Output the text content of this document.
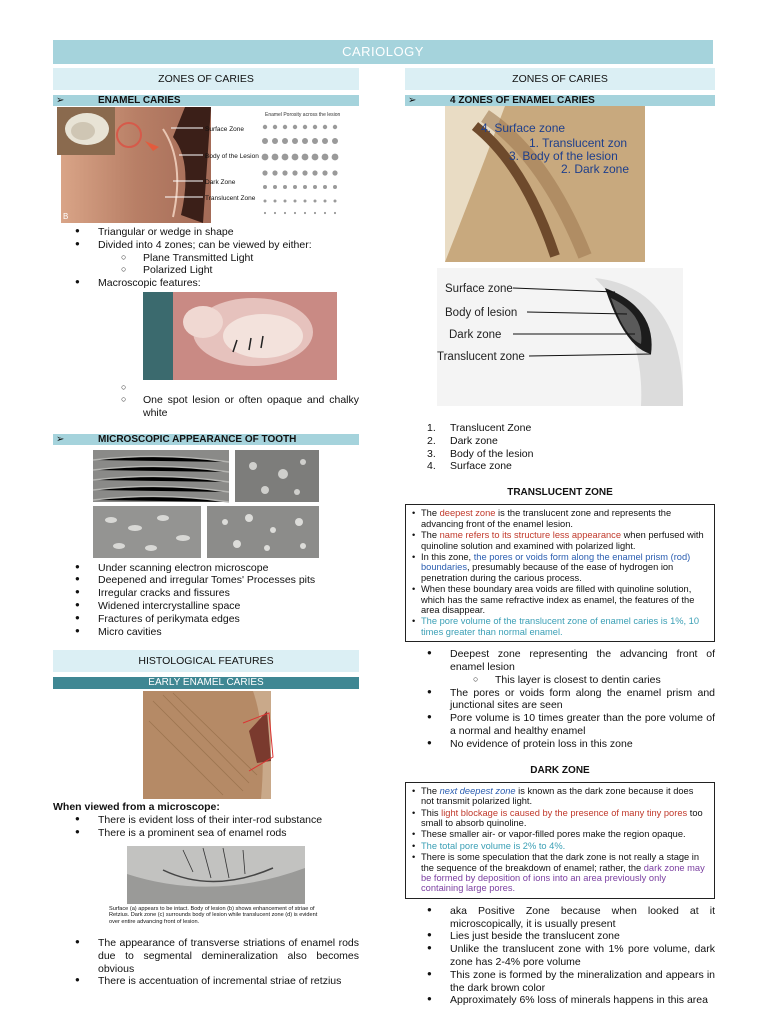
CARIOLOGY
ZONES OF CARIES
➢	ENAMEL CARIES
B
Surface Zone
Body of the Lesion
Dark Zone
Translucent Zone
Enamel Porosity across the lesion
● Triangular or wedge in shape
● Divided into 4 zones; can be viewed by either:
○ Plane Transmitted Light
○ Polarized Light
● Macroscopic features:
○
○ One spot lesion or often opaque and chalky white
➢	MICROSCOPIC APPEARANCE OF TOOTH
● Under scanning electron microscope
● Deepened and irregular Tomes' Processes pits
● Irregular cracks and fissures
● Widened intercrystalline space
● Fractures of perikymata edges
● Micro cavities
HISTOLOGICAL FEATURES
EARLY ENAMEL CARIES
When viewed from a microscope:
● There is evident loss of their inter-rod substance
● There is a prominent sea of enamel rods
Surface (a) appears to be intact. Body of lesion (b) shows enhancement of striae of Retzius. Dark zone (c) surrounds body of lesion while translucent zone (d) is evident over entire advancing front of lesion.
● The appearance of transverse striations of enamel rods due to segmental demineralization also becomes obvious
● There is accentuation of incremental striae of retzius
ZONES OF CARIES
➢	4 ZONES OF ENAMEL CARIES
4. Surface zone
1. Translucent zon
3. Body of the lesion
2. Dark zone
Surface zone
Body of lesion
Dark zone
Translucent zone
1. Translucent Zone
2. Dark zone
3. Body of the lesion
4. Surface zone
TRANSLUCENT ZONE
• The deepest zone is the translucent zone and represents the advancing front of the enamel lesion.
• The name refers to its structure less appearance when perfused with quinoline solution and examined with polarized light.
• In this zone, the pores or voids form along the enamel prism (rod) boundaries, presumably because of the ease of hydrogen ion penetration during the carious process.
• When these boundary area voids are filled with quinoline solution, which has the same refractive index as enamel, the features of the area disappear.
• The pore volume of the translucent zone of enamel caries is 1%, 10 times greater than normal enamel.
● Deepest zone representing the advancing front of enamel lesion
○ This layer is closest to dentin caries
● The pores or voids form along the enamel prism and junctional sites are seen
● Pore volume is 10 times greater than the pore volume of a normal and healthy enamel
● No evidence of protein loss in this zone
DARK ZONE
• The next deepest zone is known as the dark zone because it does not transmit polarized light.
• This light blockage is caused by the presence of many tiny pores too small to absorb quinoline.
• These smaller air- or vapor-filled pores make the region opaque.
• The total pore volume is 2% to 4%.
• There is some speculation that the dark zone is not really a stage in the sequence of the breakdown of enamel; rather, the dark zone may be formed by deposition of ions into an area previously only containing large pores.
● aka Positive Zone because when looked at it microscopically, it is usually present
● Lies just beside the translucent zone
● Unlike the translucent zone with 1% pore volume, dark zone has 2-4% pore volume
● This zone is formed by the mineralization and appears in the dark brown color
● Approximately 6% loss of minerals happens in this area
